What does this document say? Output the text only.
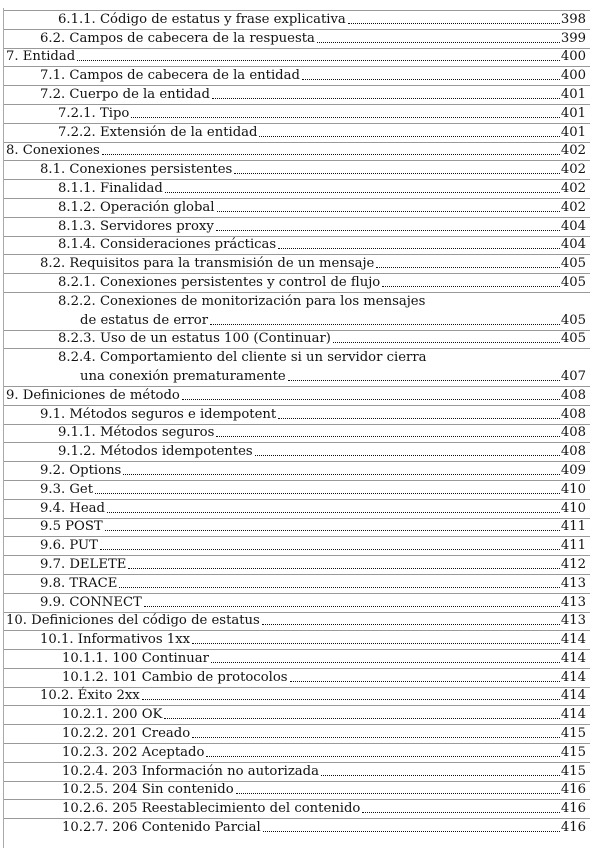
6.1.1. Código de estatus y frase explicativa	398
6.2. Campos de cabecera de la respuesta	399
7. Entidad	400
7.1. Campos de cabecera de la entidad	400
7.2. Cuerpo de la entidad	401
7.2.1. Tipo	401
7.2.2. Extensión de la entidad	401
8. Conexiones	402
8.1. Conexiones persistentes	402
8.1.1. Finalidad	402
8.1.2. Operación global	402
8.1.3. Servidores proxy	404
8.1.4. Consideraciones prácticas	404
8.2. Requisitos para la transmisión de un mensaje	405
8.2.1. Conexiones persistentes y control de flujo	405
8.2.2. Conexiones de monitorización para los mensajes
de estatus de error	405
8.2.3. Uso de un estatus 100 (Continuar)	405
8.2.4. Comportamiento del cliente si un servidor cierra
una conexión prematuramente	407
9. Definiciones de método	408
9.1. Métodos seguros e idempotent	408
9.1.1. Métodos seguros	408
9.1.2. Métodos idempotentes	408
9.2. Options	409
9.3. Get	410
9.4. Head	410
9.5 POST	411
9.6. PUT	411
9.7. DELETE	412
9.8. TRACE	413
9.9. CONNECT	413
10. Definiciones del código de estatus	413
10.1. Informativos 1xx	414
10.1.1. 100 Continuar	414
10.1.2. 101 Cambio de protocolos	414
10.2. Éxito 2xx	414
10.2.1. 200 OK	414
10.2.2. 201 Creado	415
10.2.3. 202 Aceptado	415
10.2.4. 203 Información no autorizada	415
10.2.5. 204 Sin contenido	416
10.2.6. 205 Reestablecimiento del contenido	416
10.2.7. 206 Contenido Parcial	416
